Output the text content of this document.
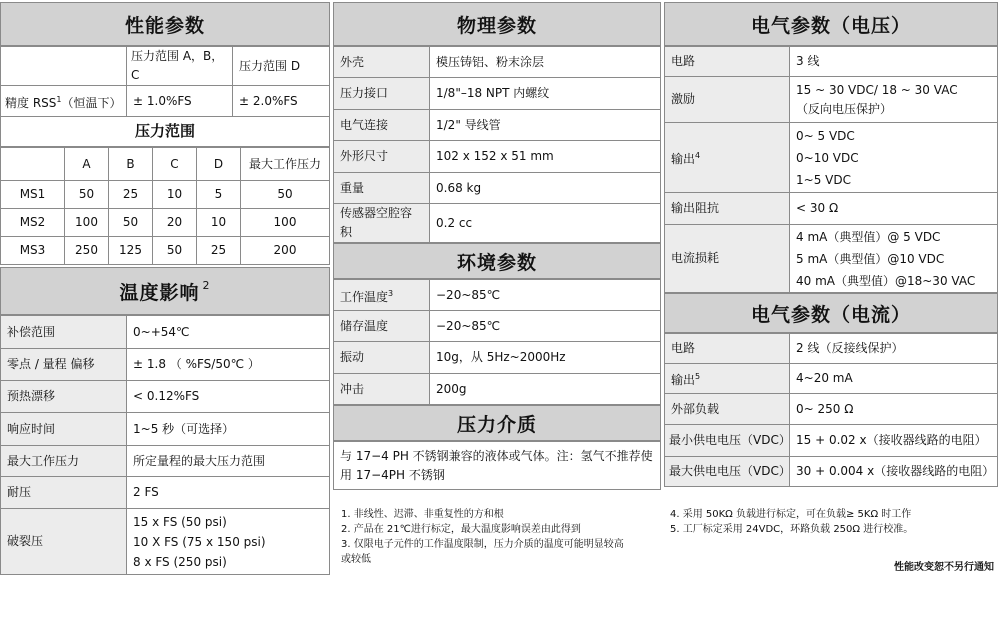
性能参数
	压力范围 A，B，C	压力范围 D
精度 RSS$^1$（恒温下）	± 1.0%FS	± 2.0%FS
压力范围		
	A	B	C	D	最大工作压力
MS1	50	25	10	5	50
MS2	100	50	20	10	100
MS3	250	125	50	25	200
温度影响 $^2$
补偿范围	0~+54℃
零点 / 量程 偏移	± 1.8 （ %FS/50℃ ）
预热漂移	< 0.12%FS
响应时间	1~5 秒（可选择）
最大工作压力	所定量程的最大压力范围
耐压	2 FS
破裂压	15 x FS (50 psi)
10 X FS (75 x 150 psi)
8 x FS (250 psi)
物理参数
外壳	模压铸铝、粉末涂层
压力接口	1/8"–18 NPT 内螺纹
电气连接	1/2" 导线管
外形尺寸	102 x 152 x 51 mm
重量	0.68 kg
传感器空腔容积	0.2 cc
环境参数
工作温度$^3$	−20~85℃
储存温度	−20~85℃
振动	10g，从 5Hz~2000Hz
冲击	200g
压力介质
与 17−4 PH 不锈钢兼容的液体或气体。注：氢气不推荐使用 17−4PH 不锈钢
1. 非线性、迟滞、非重复性的方和根
2. 产品在 21℃进行标定，最大温度影响误差由此得到
3. 仅限电子元件的工作温度限制，压力介质的温度可能明显较高
或较低
电气参数（电压）
电路	3 线
激励	15 ~ 30 VDC/ 18 ~ 30 VAC
（反向电压保护）

输出$^4$	0~ 5 VDC
0~10 VDC
1~5 VDC

输出阻抗	< 30 Ω
电流损耗	4 mA（典型值）@ 5 VDC
5 mA（典型值）@10 VDC
40 mA（典型值）@18~30 VAC
电气参数（电流）
电路	2 线（反接线保护）
输出$^5$	4~20 mA
外部负载	0~ 250 Ω
最小供电电压（VDC）	15 + 0.02 x（接收器线路的电阻）
最大供电电压（VDC）	30 + 0.004 x（接收器线路的电阻）
4. 采用 50KΩ 负载进行标定，可在负载≥ 5KΩ 时工作
5. 工厂标定采用 24VDC，环路负载 250Ω 进行校准。
性能改变恕不另行通知
